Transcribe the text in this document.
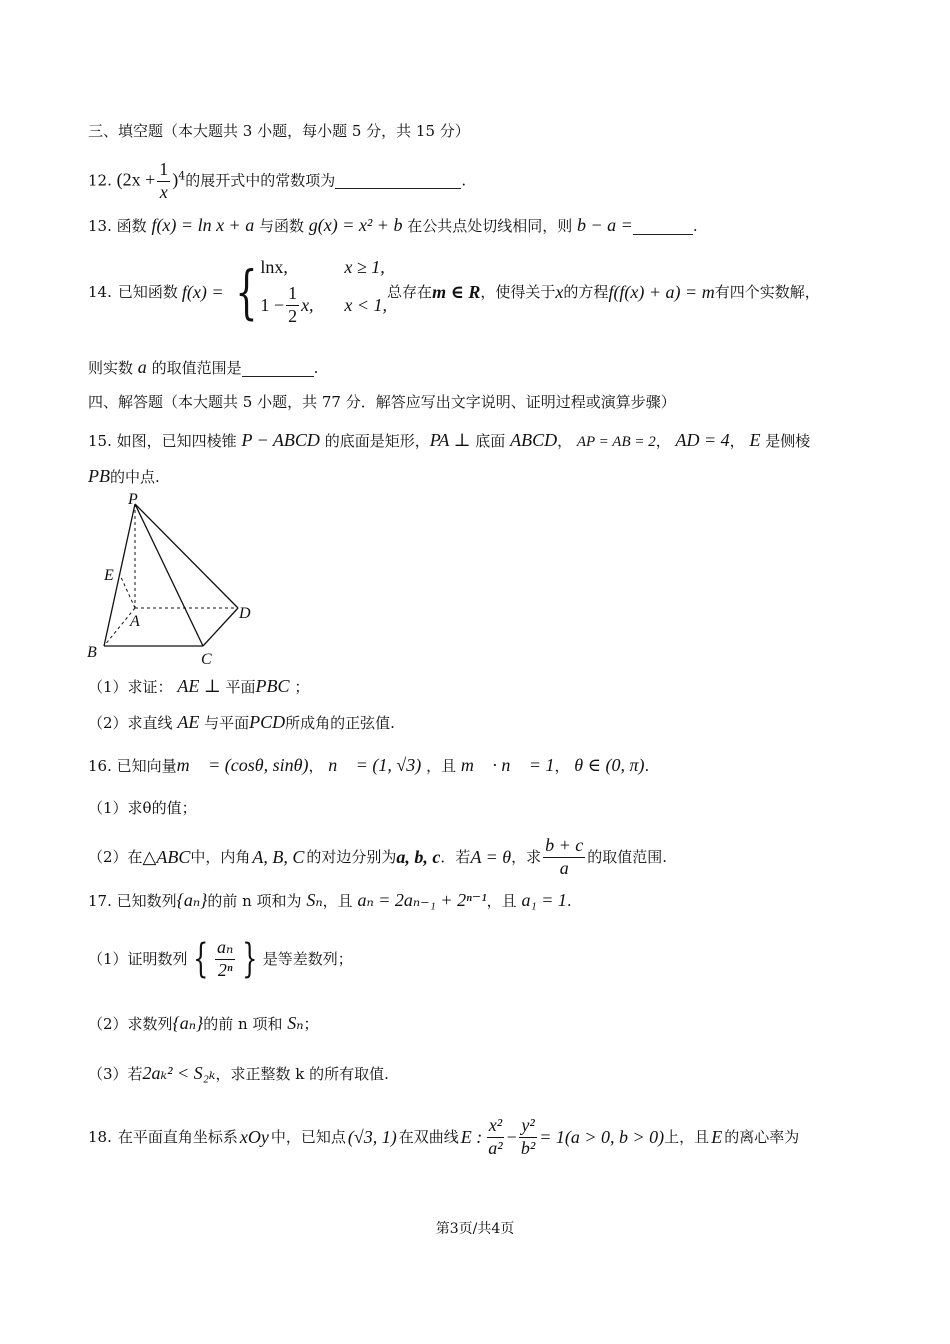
三、填空题（本大题共 3 小题，每小题 5 分，共 15 分）
12. $(2x + \frac{1}{x} )^4$的展开式中的常数项为	.
13. 函数 f(x) = ln x + a 与函数 g(x) = x² + b 在公共点处切线相同，则 b − a =	.
14. 已知函数 f(x) = { lnx,	x ≥ 1,
$1 - \frac{1}{2} x$, x < 1,
总存在 m ∈ R ，使得关于 x 的方程 f(f(x) + a) = m 有四个实数解，
则实数 a 的取值范围是	.
四、解答题（本大题共 5 小题，共 77 分．解答应写出文字说明、证明过程或演算步骤）
15. 如图，已知四棱锥 P − ABCD 的底面是矩形，PA ⊥ 底面 ABCD， AP = AB = 2， AD = 4， E 是侧棱
PB的中点.
P
E
A	D
B	C
（1）求证： AE ⊥ 平面PBC ；
（2）求直线 AE 与平面PCD所成角的正弦值.
16. 已知向量m⃗ = (cosθ, sinθ)， n⃗ = (1, √3) ，且 m⃗ · n⃗ = 1， θ ∈ (0, π).
（1）求θ的值；
（2）在 △ABC 中，内角 A, B, C 的对边分别为 a, b, c ．若 A = θ ，求 $\frac{b + c}{a}$ 的取值范围.
17. 已知数列{aₙ}的前 n 项和为 Sₙ，且 aₙ = 2aₙ₋₁ + 2ⁿ⁻¹，且 a₁ = 1.
（1）证明数列 { $\frac{\text{aₙ}}{\text{2ⁿ}}$ } 是等差数列；
（2）求数列{aₙ}的前 n 项和 Sₙ；
（3）若2aₖ² < S₂ₖ，求正整数 k 的所有取值.
18. 在平面直角坐标系 xOy 中，已知点 (√3, 1) 在双曲线 E : $\frac{\text{x²}}{\text{a²}} - \frac{\text{y²}}{\text{b²}} = 1(a > 0$, b > 0) 上，且 E 的离心率为
第3页/共4页
